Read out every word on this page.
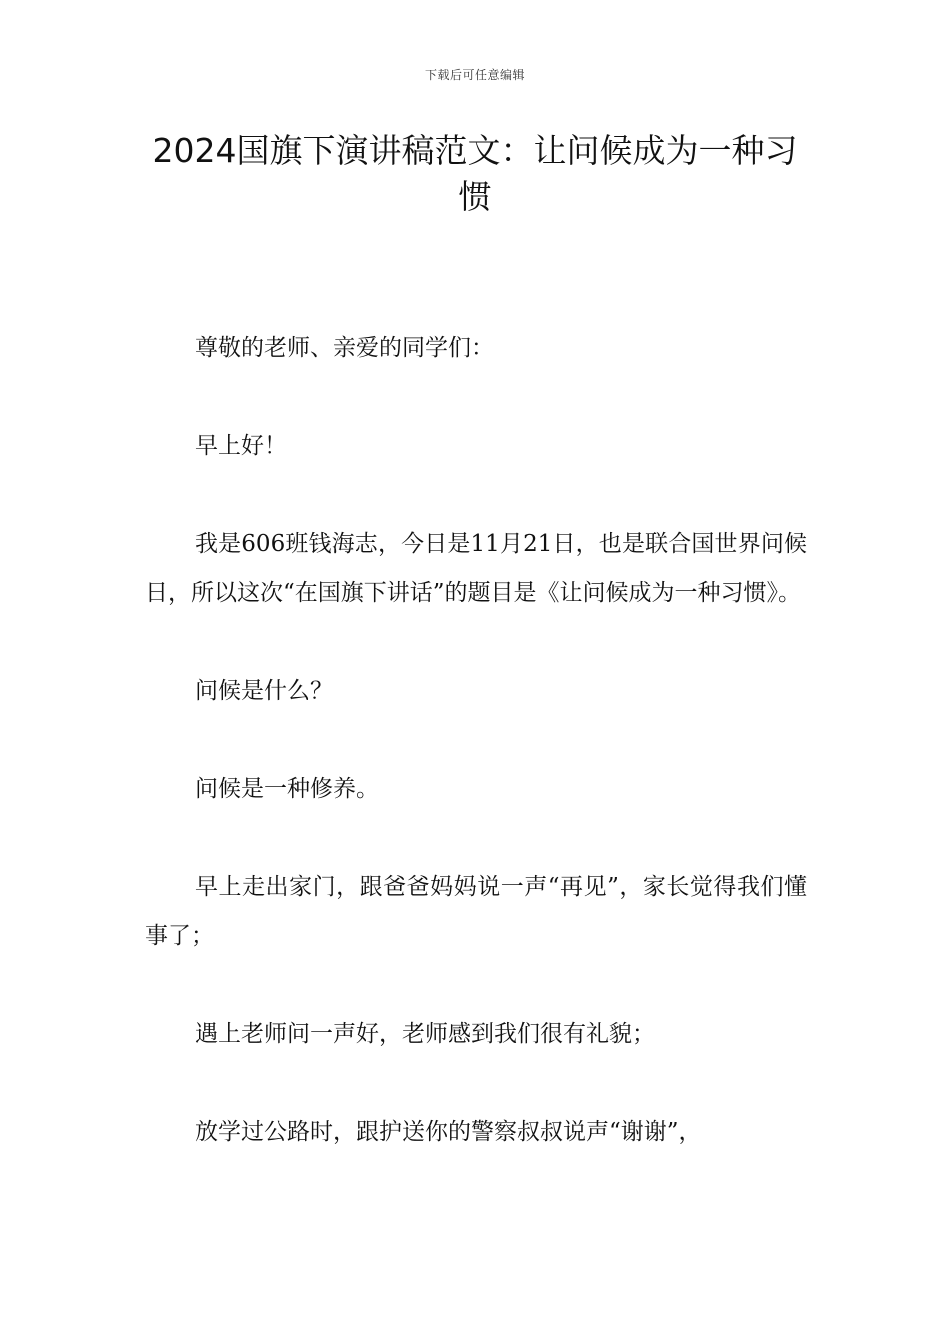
下载后可任意编辑
2024国旗下演讲稿范文：让问候成为一种习惯

尊敬的老师、亲爱的同学们：

早上好！

我是606班钱海志，今日是11月21日，也是联合国世界问候日，所以这次“在国旗下讲话”的题目是《让问候成为一种习惯》。

问候是什么？

问候是一种修养。

早上走出家门，跟爸爸妈妈说一声“再见”，家长觉得我们懂事了；

遇上老师问一声好，老师感到我们很有礼貌；

放学过公路时，跟护送你的警察叔叔说声“谢谢”，
